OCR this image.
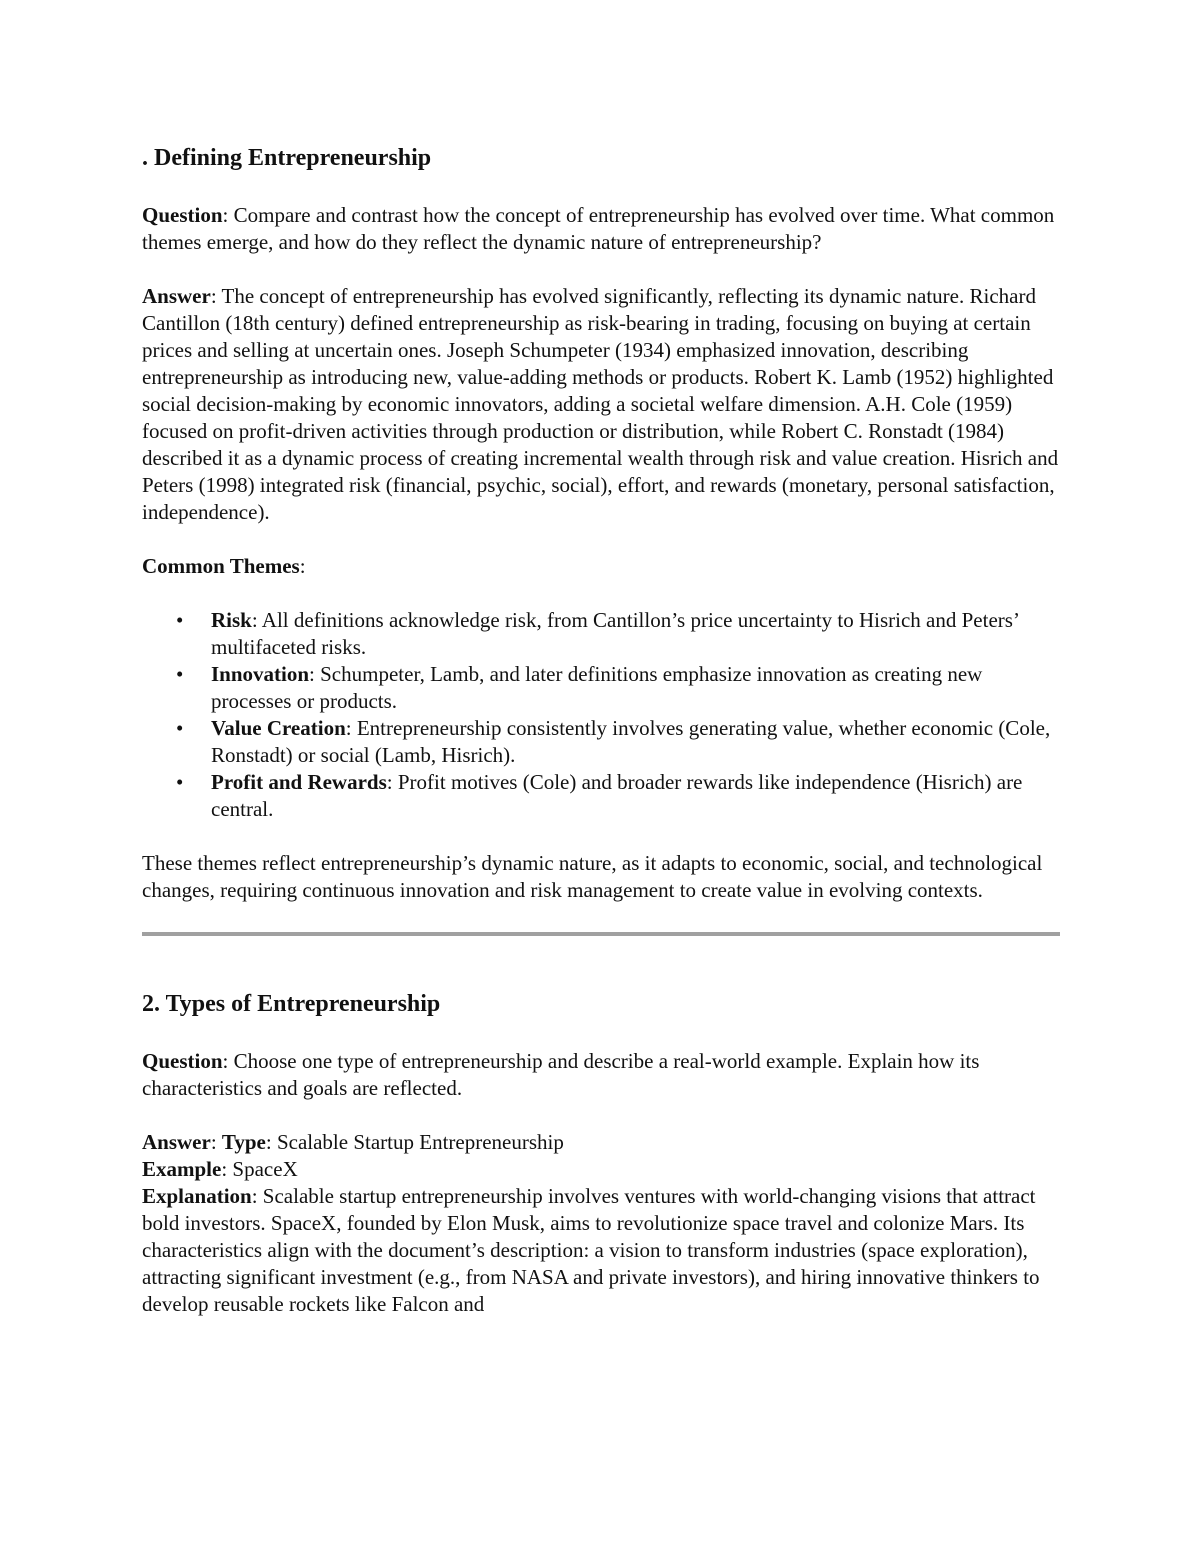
. Defining Entrepreneurship

Question: Compare and contrast how the concept of entrepreneurship has evolved over time. What common themes emerge, and how do they reflect the dynamic nature of entrepreneurship?

Answer: The concept of entrepreneurship has evolved significantly, reflecting its dynamic nature. Richard Cantillon (18th century) defined entrepreneurship as risk-bearing in trading, focusing on buying at certain prices and selling at uncertain ones. Joseph Schumpeter (1934) emphasized innovation, describing entrepreneurship as introducing new, value-adding methods or products. Robert K. Lamb (1952) highlighted social decision-making by economic innovators, adding a societal welfare dimension. A.H. Cole (1959) focused on profit-driven activities through production or distribution, while Robert C. Ronstadt (1984) described it as a dynamic process of creating incremental wealth through risk and value creation. Hisrich and Peters (1998) integrated risk (financial, psychic, social), effort, and rewards (monetary, personal satisfaction, independence).

Common Themes:

• Risk: All definitions acknowledge risk, from Cantillon’s price uncertainty to Hisrich and Peters’ multifaceted risks.
• Innovation: Schumpeter, Lamb, and later definitions emphasize innovation as creating new processes or products.
• Value Creation: Entrepreneurship consistently involves generating value, whether economic (Cole, Ronstadt) or social (Lamb, Hisrich).
• Profit and Rewards: Profit motives (Cole) and broader rewards like independence (Hisrich) are central.

These themes reflect entrepreneurship’s dynamic nature, as it adapts to economic, social, and technological changes, requiring continuous innovation and risk management to create value in evolving contexts.

2. Types of Entrepreneurship

Question: Choose one type of entrepreneurship and describe a real-world example. Explain how its characteristics and goals are reflected.

Answer: Type: Scalable Startup Entrepreneurship

Example: SpaceX

Explanation: Scalable startup entrepreneurship involves ventures with world-changing visions that attract bold investors. SpaceX, founded by Elon Musk, aims to revolutionize space travel and colonize Mars. Its characteristics align with the document’s description: a vision to transform industries (space exploration), attracting significant investment (e.g., from NASA and private investors), and hiring innovative thinkers to develop reusable rockets like Falcon and
